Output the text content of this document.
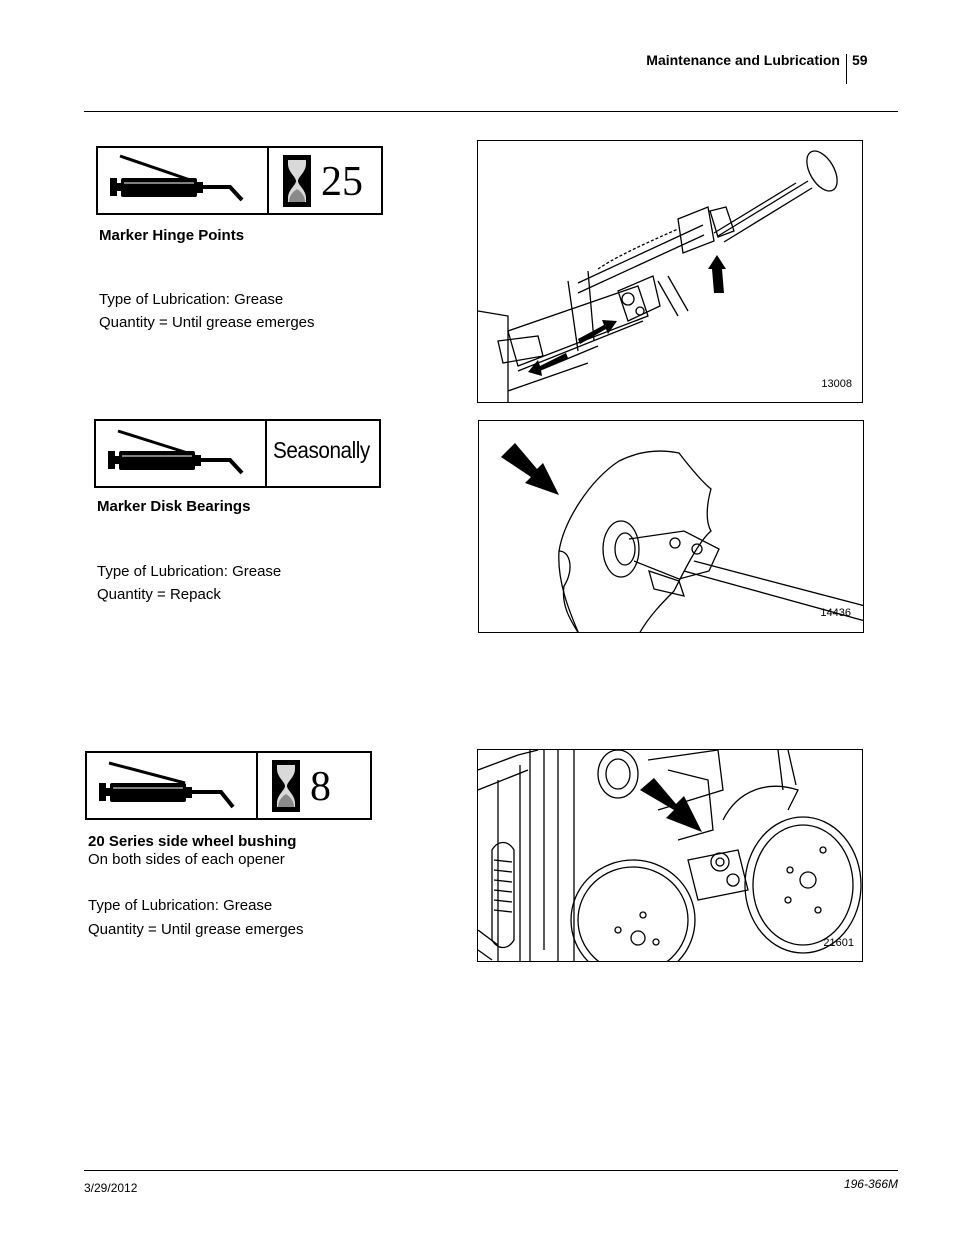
Maintenance and Lubrication 59
25
Marker Hinge Points
Type of Lubrication: Grease
Quantity = Until grease emerges
13008
Seasonally
Marker Disk Bearings
Type of Lubrication: Grease
Quantity = Repack
14436
8
20 Series side wheel bushing
On both sides of each opener
Type of Lubrication: Grease
Quantity = Until grease emerges
21601
3/29/2012	196-366M
